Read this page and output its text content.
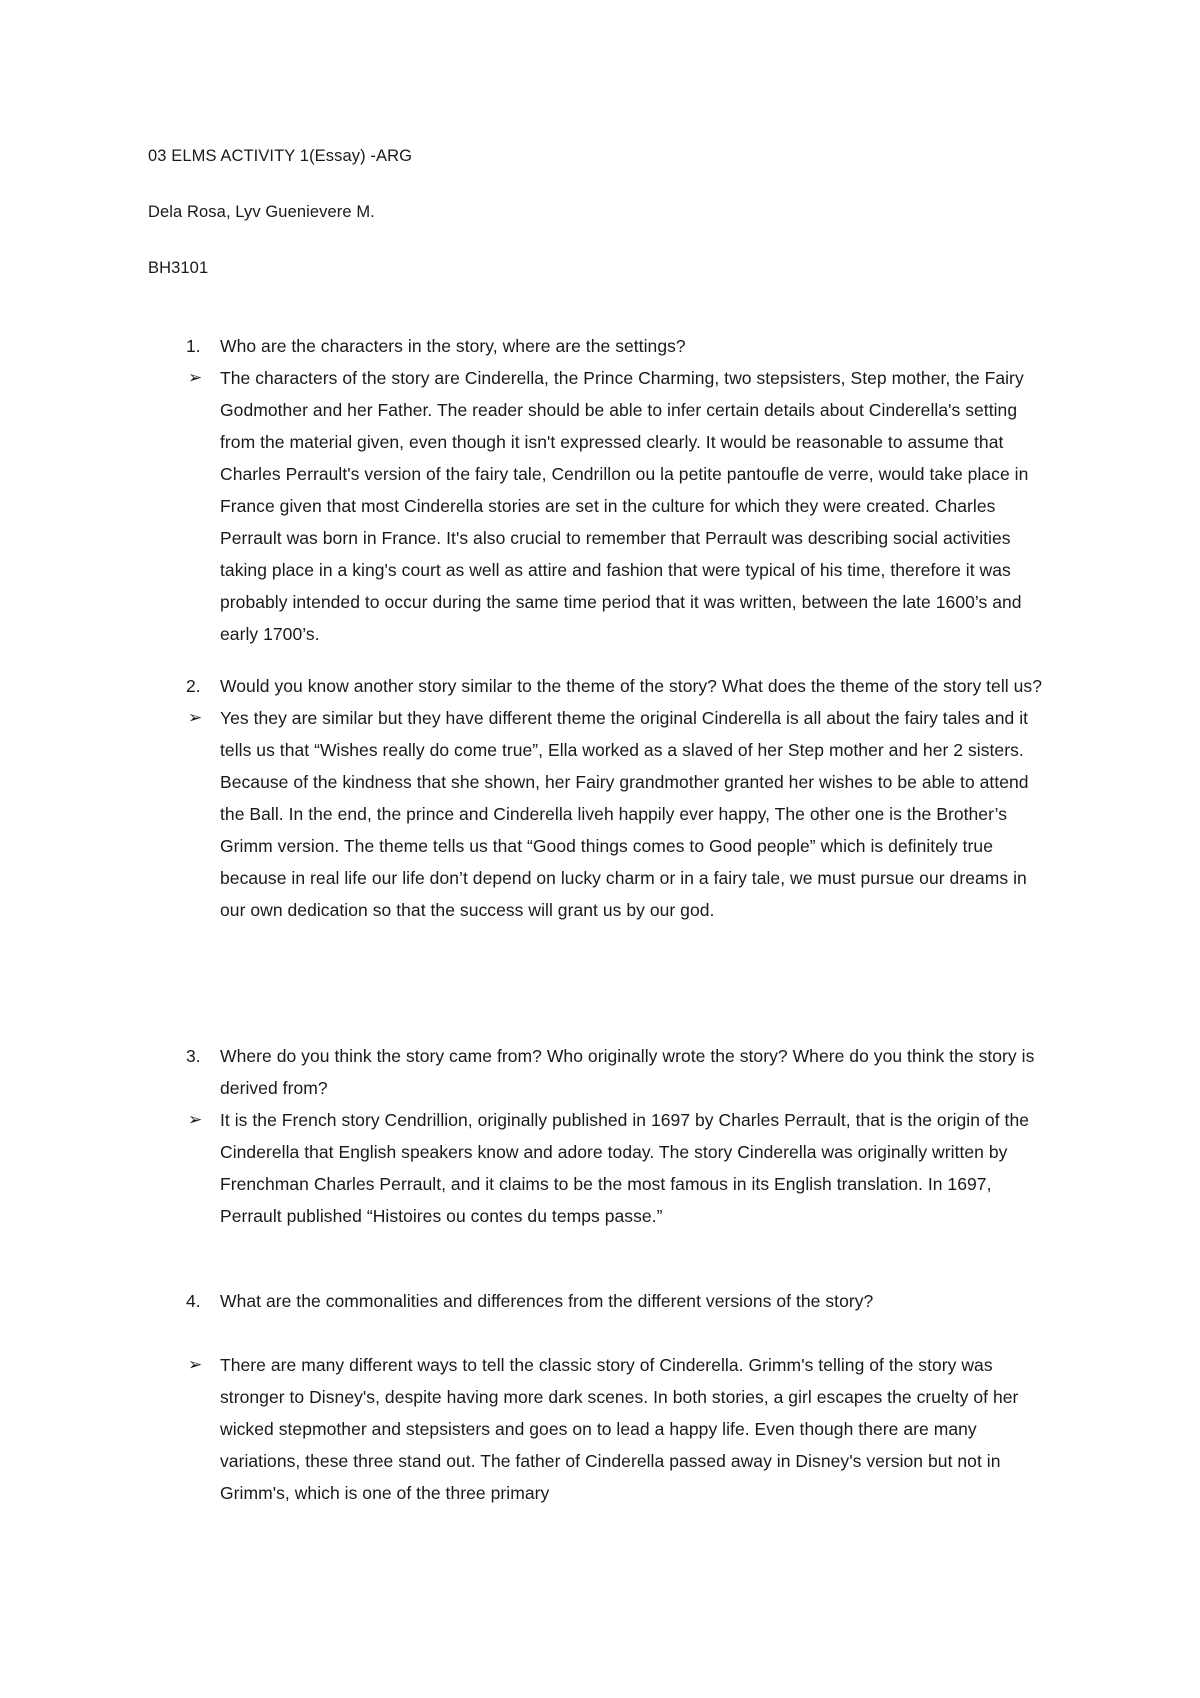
03 ELMS ACTIVITY 1(Essay) -ARG
Dela Rosa, Lyv Guenievere M.
BH3101
1.	Who are the characters in the story, where are the settings?
➢ The characters of the story are Cinderella, the Prince Charming, two stepsisters, Step mother, the Fairy Godmother and her Father. The reader should be able to infer certain details about Cinderella's setting from the material given, even though it isn't expressed clearly. It would be reasonable to assume that Charles Perrault's version of the fairy tale, Cendrillon ou la petite pantoufle de verre, would take place in France given that most Cinderella stories are set in the culture for which they were created. Charles Perrault was born in France. It's also crucial to remember that Perrault was describing social activities taking place in a king's court as well as attire and fashion that were typical of his time, therefore it was probably intended to occur during the same time period that it was written, between the late 1600’s and early 1700’s.
2.	Would you know another story similar to the theme of the story? What does the theme of the story tell us?
➢ Yes they are similar but they have different theme the original Cinderella is all about the fairy tales and it tells us that “Wishes really do come true”, Ella worked as a slaved of her Step mother and her 2 sisters. Because of the kindness that she shown, her Fairy grandmother granted her wishes to be able to attend the Ball. In the end, the prince and Cinderella liveh happily ever happy, The other one is the Brother’s Grimm version. The theme tells us that “Good things comes to Good people” which is definitely true because in real life our life don’t depend on lucky charm or in a fairy tale, we must pursue our dreams in our own dedication so that the success will grant us by our god.
3.	Where do you think the story came from? Who originally wrote the story? Where do you think the story is derived from?
➢ It is the French story Cendrillion, originally published in 1697 by Charles Perrault, that is the origin of the Cinderella that English speakers know and adore today. The story Cinderella was originally written by Frenchman Charles Perrault, and it claims to be the most famous in its English translation. In 1697, Perrault published “Histoires ou contes du temps passe.”
4.	What are the commonalities and differences from the different versions of the story?
➢ There are many different ways to tell the classic story of Cinderella. Grimm's telling of the story was stronger to Disney's, despite having more dark scenes. In both stories, a girl escapes the cruelty of her wicked stepmother and stepsisters and goes on to lead a happy life. Even though there are many variations, these three stand out. The father of Cinderella passed away in Disney's version but not in Grimm's, which is one of the three primary
